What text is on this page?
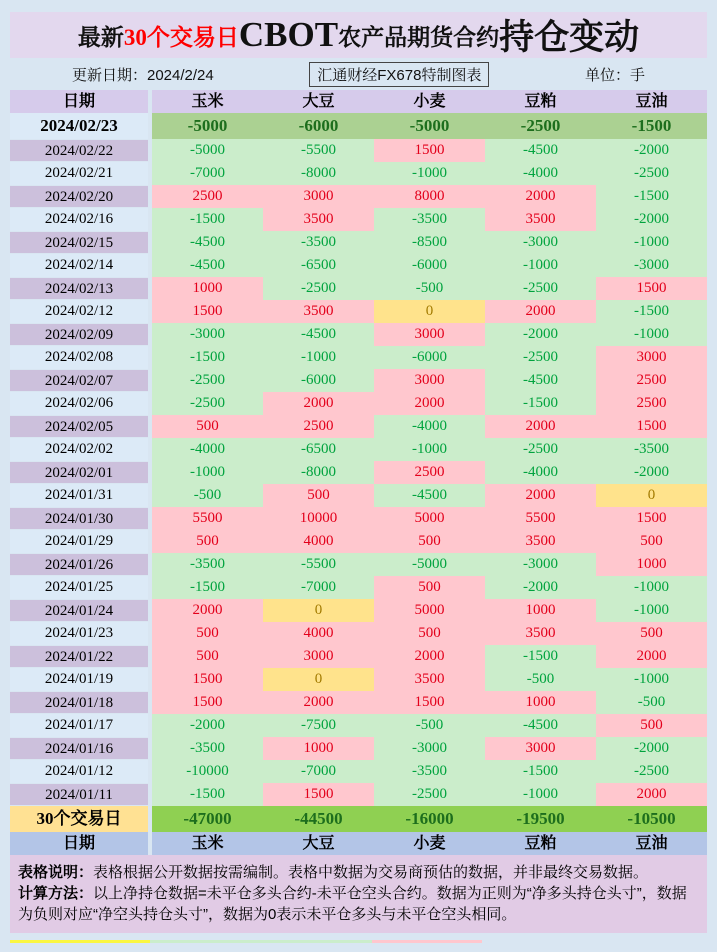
最新 30个交易日 CBOT 农产品期货合约 持仓变动
更新日期：2024/2/24	汇通财经FX678特制图表	单位：手
日期	玉米	大豆	小麦	豆粕	豆油
2024/02/23	-5000	-6000	-5000	-2500	-1500
2024/02/22	-5000	-5500	1500	-4500	-2000
2024/02/21	-7000	-8000	-1000	-4000	-2500
2024/02/20	2500	3000	8000	2000	-1500
2024/02/16	-1500	3500	-3500	3500	-2000
2024/02/15	-4500	-3500	-8500	-3000	-1000
2024/02/14	-4500	-6500	-6000	-1000	-3000
2024/02/13	1000	-2500	-500	-2500	1500
2024/02/12	1500	3500	0	2000	-1500
2024/02/09	-3000	-4500	3000	-2000	-1000
2024/02/08	-1500	-1000	-6000	-2500	3000
2024/02/07	-2500	-6000	3000	-4500	2500
2024/02/06	-2500	2000	2000	-1500	2500
2024/02/05	500	2500	-4000	2000	1500
2024/02/02	-4000	-6500	-1000	-2500	-3500
2024/02/01	-1000	-8000	2500	-4000	-2000
2024/01/31	-500	500	-4500	2000	0
2024/01/30	5500	10000	5000	5500	1500
2024/01/29	500	4000	500	3500	500
2024/01/26	-3500	-5500	-5000	-3000	1000
2024/01/25	-1500	-7000	500	-2000	-1000
2024/01/24	2000	0	5000	1000	-1000
2024/01/23	500	4000	500	3500	500
2024/01/22	500	3000	2000	-1500	2000
2024/01/19	1500	0	3500	-500	-1000
2024/01/18	1500	2000	1500	1000	-500
2024/01/17	-2000	-7500	-500	-4500	500
2024/01/16	-3500	1000	-3000	3000	-2000
2024/01/12	-10000	-7000	-3500	-1500	-2500
2024/01/11	-1500	1500	-2500	-1000	2000
30个交易日	-47000	-44500	-16000	-19500	-10500
日期	玉米	大豆	小麦	豆粕	豆油

表格说明：表格根据公开数据按需编制。表格中数据为交易商预估的数据，并非最终交易数据。

计算方法：以上净持仓数据=未平仓多头合约-未平仓空头合约。数据为正则为“净多头持仓头寸”，数据为负则对应“净空头持仓头寸”，数据为0表示未平仓多头与未平仓空头相同。
